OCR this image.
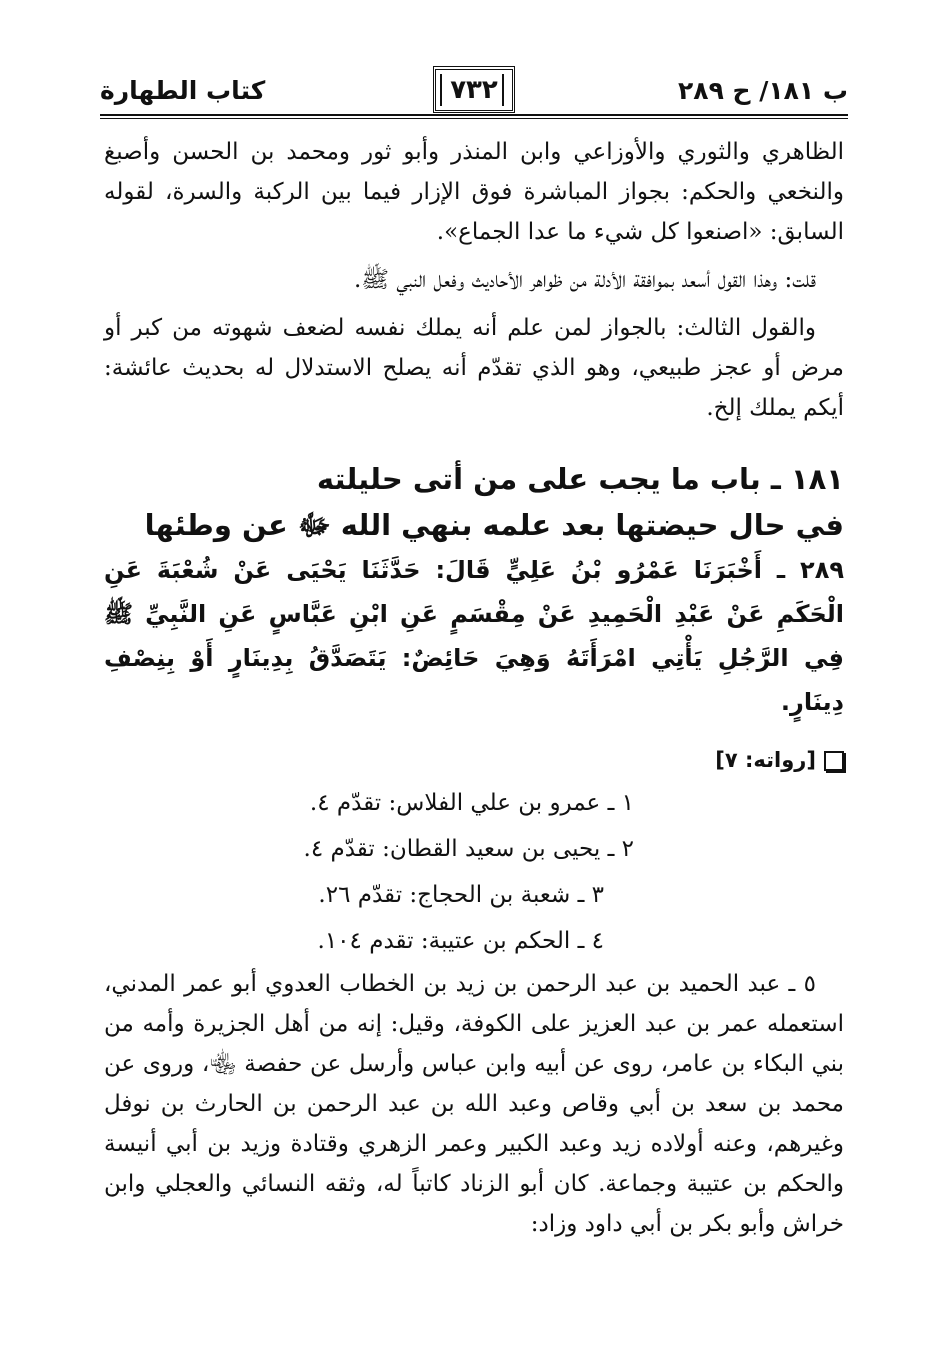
ب ١٨١/ ح ٢٨٩
٧٣٢
كتاب الطهارة

الظاهري والثوري والأوزاعي وابن المنذر وأبو ثور ومحمد بن الحسن وأصبغ والنخعي والحكم: بجواز المباشرة فوق الإزار فيما بين الركبة والسرة، لقوله السابق: «اصنعوا كل شيء ما عدا الجماع».

قلت: وهذا القول أسعد بموافقة الأدلة من ظواهر الأحاديث وفعل النبي ﷺ.

والقول الثالث: بالجواز لمن علم أنه يملك نفسه لضعف شهوته من كبر أو مرض أو عجز طبيعي، وهو الذي تقدّم أنه يصلح الاستدلال له بحديث عائشة: أيكم يملك إلخ.

١٨١ ـ باب ما يجب على من أتى حليلته

في حال حيضتها بعد علمه بنهي الله ﷻ عن وطئها

٢٨٩ ـ أَخْبَرَنَا عَمْرُو بْنُ عَلِيٍّ قَالَ: حَدَّثَنَا يَحْيَى عَنْ شُعْبَةَ عَنِ الْحَكَمِ عَنْ عَبْدِ الْحَمِيدِ عَنْ مِقْسَمٍ عَنِ ابْنِ عَبَّاسٍ عَنِ النَّبِيِّ ﷺ فِي الرَّجُلِ يَأْتِي امْرَأَتَهُ وَهِيَ حَائِضٌ: يَتَصَدَّقُ بِدِينَارٍ أَوْ بِنِصْفِ دِينَارٍ.

[رواته: ٧]

١ ـ عمرو بن علي الفلاس: تقدّم ٤.

٢ ـ يحيى بن سعيد القطان: تقدّم ٤.

٣ ـ شعبة بن الحجاج: تقدّم ٢٦.

٤ ـ الحكم بن عتيبة: تقدم ١٠٤.

٥ ـ عبد الحميد بن عبد الرحمن بن زيد بن الخطاب العدوي أبو عمر المدني، استعمله عمر بن عبد العزيز على الكوفة، وقيل: إنه من أهل الجزيرة وأمه من بني البكاء بن عامر، روى عن أبيه وابن عباس وأرسل عن حفصة ﵄، وروى عن محمد بن سعد بن أبي وقاص وعبد الله بن عبد الرحمن بن الحارث بن نوفل وغيرهم، وعنه أولاده زيد وعبد الكبير وعمر الزهري وقتادة وزيد بن أبي أنيسة والحكم بن عتيبة وجماعة. كان أبو الزناد كاتباً له، وثقه النسائي والعجلي وابن خراش وأبو بكر بن أبي داود وزاد:
